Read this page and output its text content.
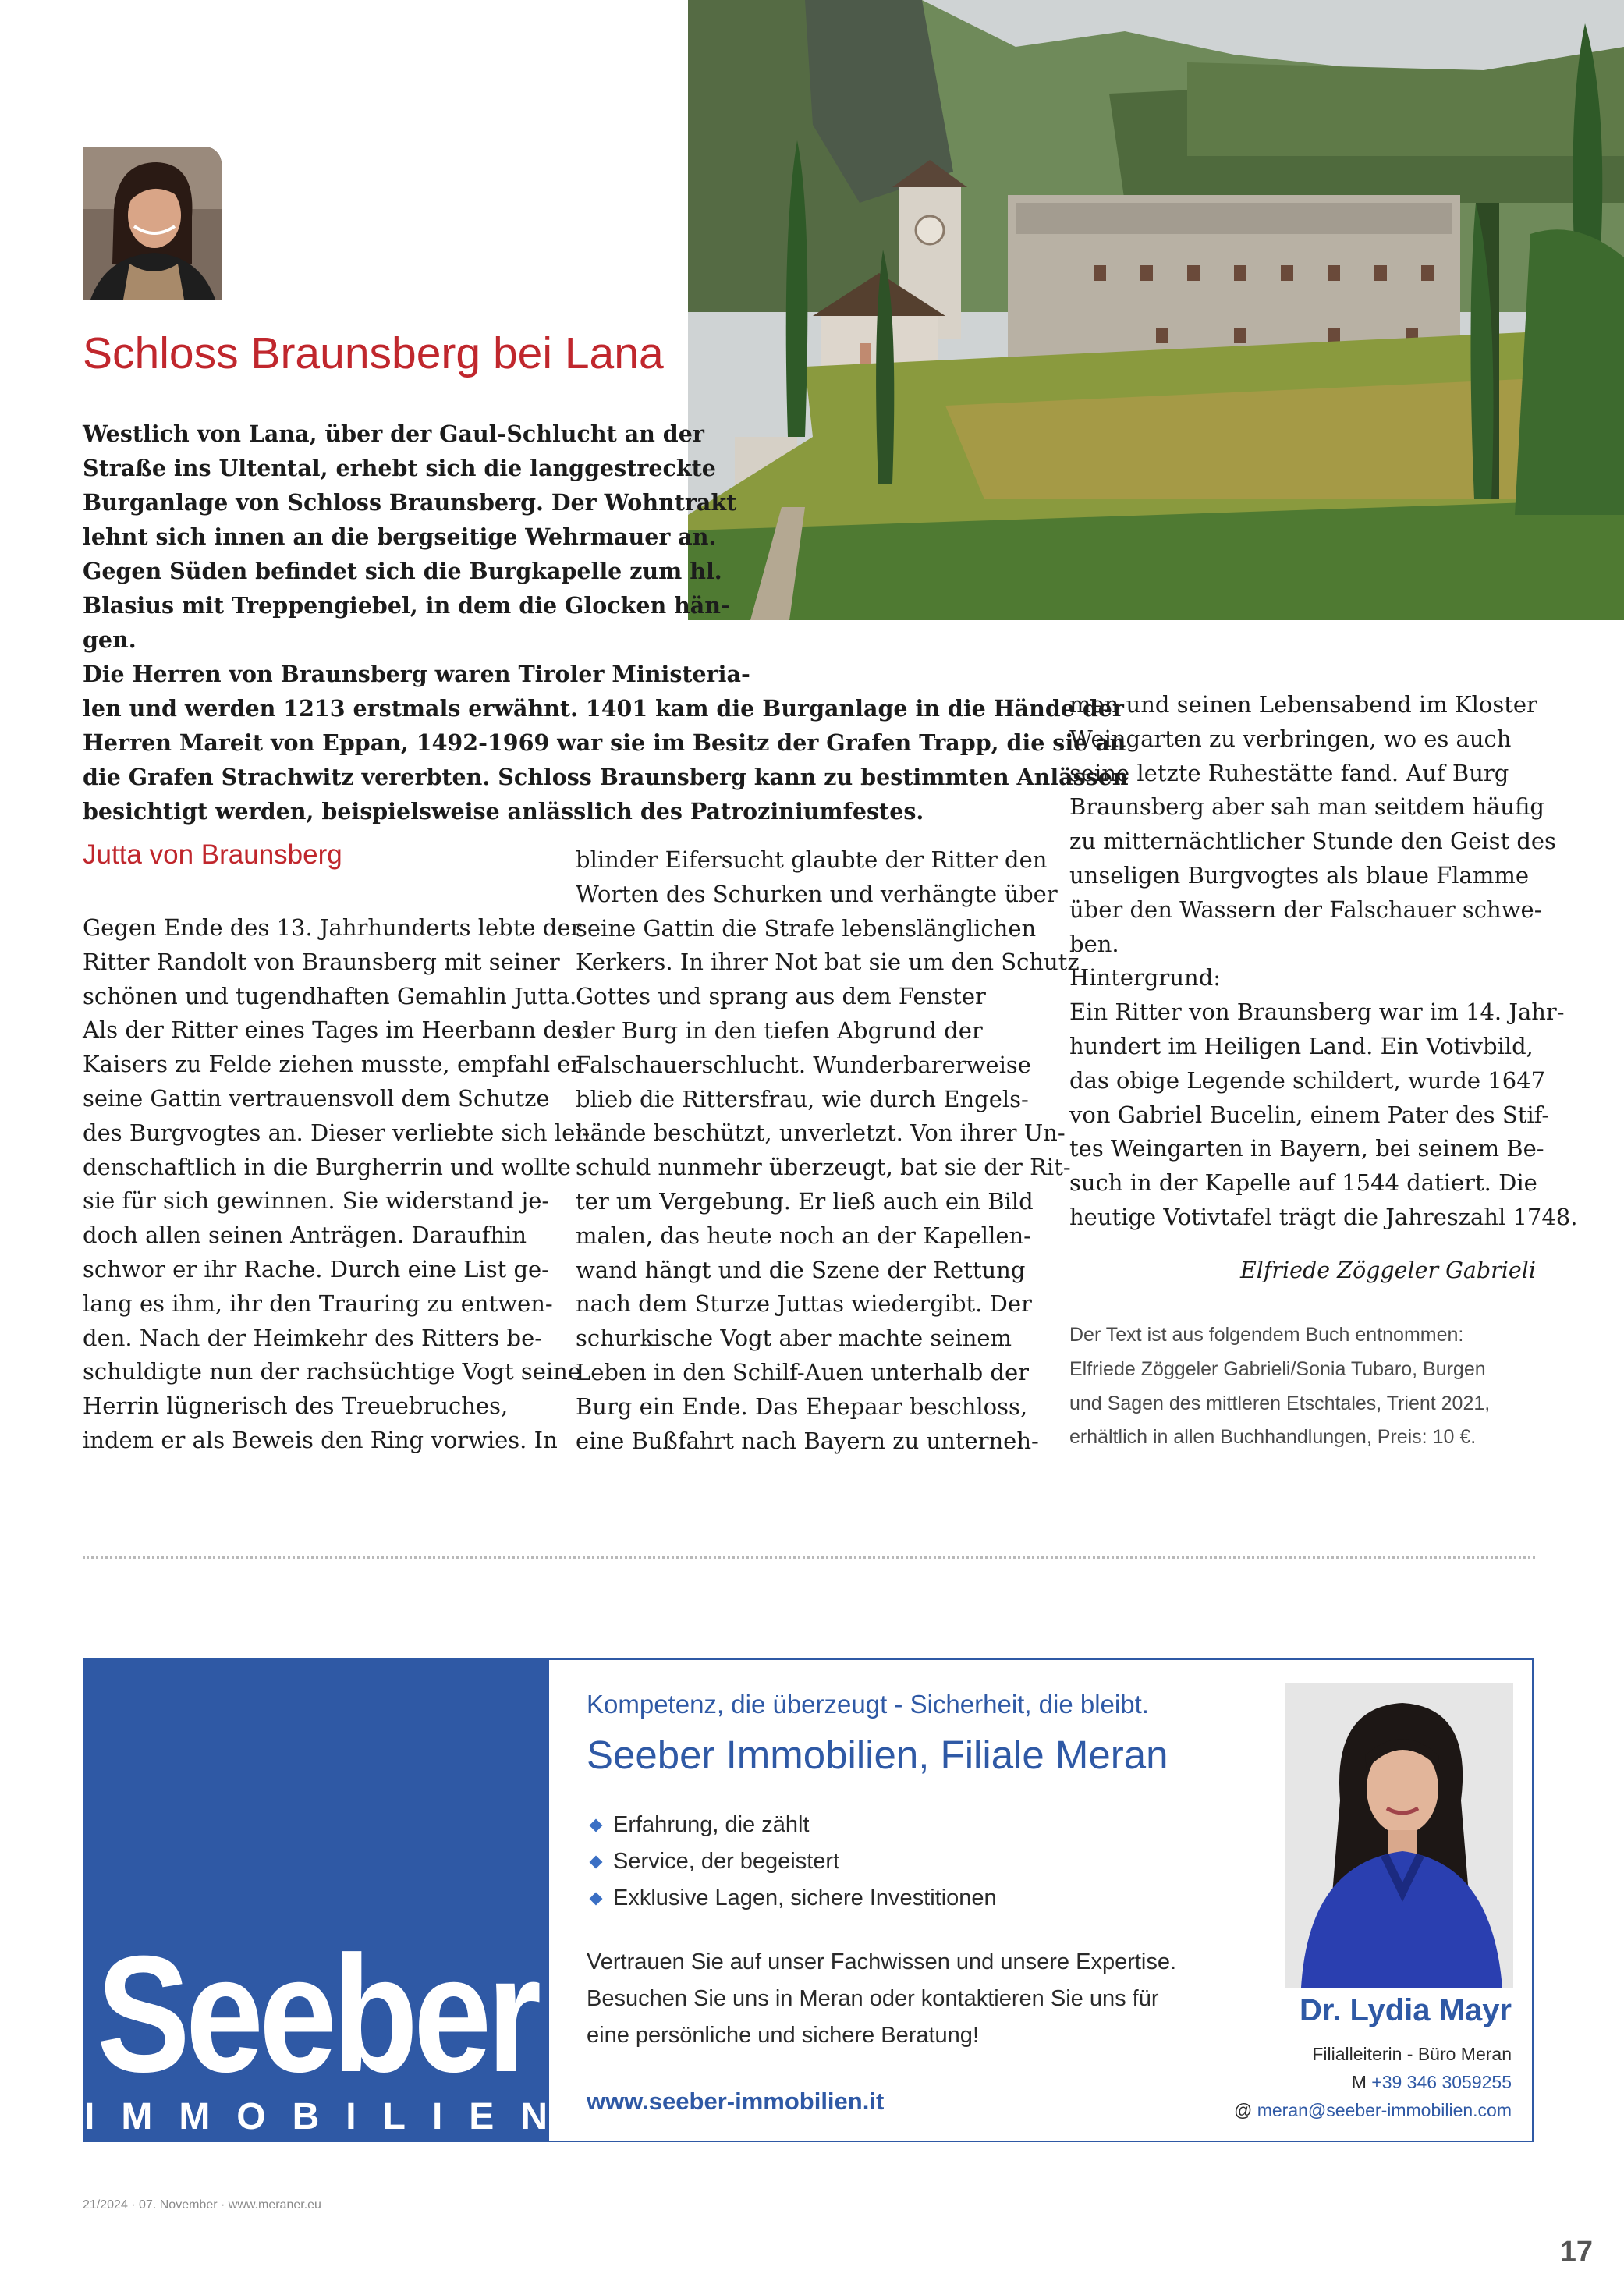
Schloss Braunsberg bei Lana
Westlich von Lana, über der Gaul-Schlucht an der
Straße ins Ultental, erhebt sich die langgestreckte
Burganlage von Schloss Braunsberg. Der Wohntrakt
lehnt sich innen an die bergseitige Wehrmauer an.
Gegen Süden befindet sich die Burgkapelle zum hl.
Blasius mit Treppengiebel, in dem die Glocken hän-
gen.
Die Herren von Braunsberg waren Tiroler Ministeria-
len und werden 1213 erstmals erwähnt. 1401 kam die Burganlage in die Hände der
Herren Mareit von Eppan, 1492-1969 war sie im Besitz der Grafen Trapp, die sie an
die Grafen Strachwitz vererbten. Schloss Braunsberg kann zu bestimmten Anlässen
besichtigt werden, beispielsweise anlässlich des Patroziniumfestes.
Jutta von Braunsberg
Gegen Ende des 13. Jahrhunderts lebte der
Ritter Randolt von Braunsberg mit seiner
schönen und tugendhaften Gemahlin Jutta.
Als der Ritter eines Tages im Heerbann des
Kaisers zu Felde ziehen musste, empfahl er
seine Gattin vertrauensvoll dem Schutze
des Burgvogtes an. Dieser verliebte sich lei-
denschaftlich in die Burgherrin und wollte
sie für sich gewinnen. Sie widerstand je-
doch allen seinen Anträgen. Daraufhin
schwor er ihr Rache. Durch eine List ge-
lang es ihm, ihr den Trauring zu entwen-
den. Nach der Heimkehr des Ritters be-
schuldigte nun der rachsüchtige Vogt seine
Herrin lügnerisch des Treuebruches,
indem er als Beweis den Ring vorwies. In
blinder Eifersucht glaubte der Ritter den
Worten des Schurken und verhängte über
seine Gattin die Strafe lebenslänglichen
Kerkers. In ihrer Not bat sie um den Schutz
Gottes und sprang aus dem Fenster
der Burg in den tiefen Abgrund der
Falschauerschlucht. Wunderbarerweise
blieb die Rittersfrau, wie durch Engels-
hände beschützt, unverletzt. Von ihrer Un-
schuld nunmehr überzeugt, bat sie der Rit-
ter um Vergebung. Er ließ auch ein Bild
malen, das heute noch an der Kapellen-
wand hängt und die Szene der Rettung
nach dem Sturze Juttas wiedergibt. Der
schurkische Vogt aber machte seinem
Leben in den Schilf-Auen unterhalb der
Burg ein Ende. Das Ehepaar beschloss,
eine Bußfahrt nach Bayern zu unterneh-
men und seinen Lebensabend im Kloster
Weingarten zu verbringen, wo es auch
seine letzte Ruhestätte fand. Auf Burg
Braunsberg aber sah man seitdem häufig
zu mitternächtlicher Stunde den Geist des
unseligen Burgvogtes als blaue Flamme
über den Wassern der Falschauer schwe-
ben.
Hintergrund:
Ein Ritter von Braunsberg war im 14. Jahr-
hundert im Heiligen Land. Ein Votivbild,
das obige Legende schildert, wurde 1647
von Gabriel Bucelin, einem Pater des Stif-
tes Weingarten in Bayern, bei seinem Be-
such in der Kapelle auf 1544 datiert. Die
heutige Votivtafel trägt die Jahreszahl 1748.
Elfriede Zöggeler Gabrieli
Der Text ist aus folgendem Buch entnommen:
Elfriede Zöggeler Gabrieli/Sonia Tubaro, Burgen
und Sagen des mittleren Etschtales, Trient 2021,
erhältlich in allen Buchhandlungen, Preis: 10 €.
Seeber
IMMOBILIEN
Kompetenz, die überzeugt - Sicherheit, die bleibt.
Seeber Immobilien, Filiale Meran
Erfahrung, die zählt
Service, der begeistert
Exklusive Lagen, sichere Investitionen
Vertrauen Sie auf unser Fachwissen und unsere Expertise.
Besuchen Sie uns in Meran oder kontaktieren Sie uns für
eine persönliche und sichere Beratung!
www.seeber-immobilien.it
Dr. Lydia Mayr
Filialleiterin - Büro Meran
M +39 346 3059255
@ meran@seeber-immobilien.com
21/2024 · 07. November · www.meraner.eu
17
